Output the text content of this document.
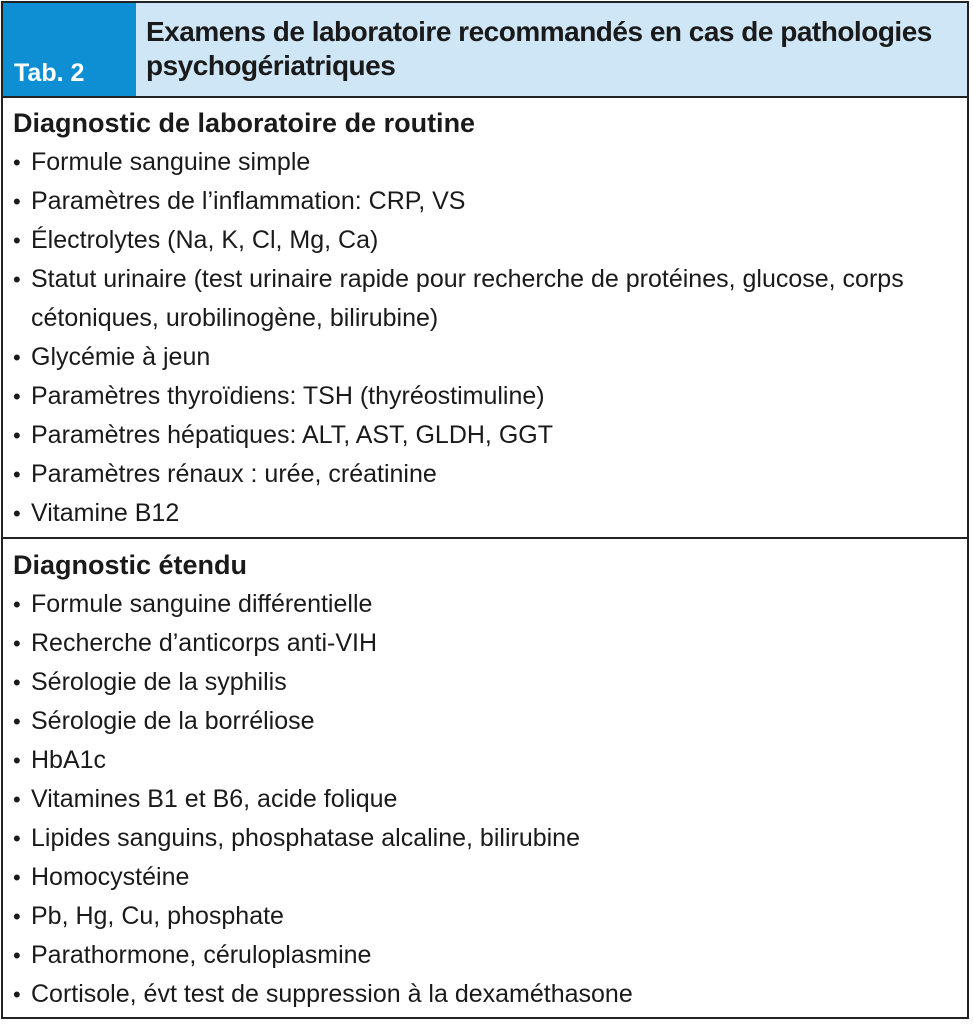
Tab. 2
Examens de laboratoire recommandés en cas de pathologies psychogériatriques
Diagnostic de laboratoire de routine
• Formule sanguine simple
• Paramètres de l’inflammation: CRP, VS
• Électrolytes (Na, K, Cl, Mg, Ca)
• Statut urinaire (test urinaire rapide pour recherche de protéines, glucose, corps cétoniques, urobilinogène, bilirubine)
• Glycémie à jeun
• Paramètres thyroïdiens: TSH (thyréostimuline)
• Paramètres hépatiques: ALT, AST, GLDH, GGT
• Paramètres rénaux : urée, créatinine
• Vitamine B12
Diagnostic étendu
• Formule sanguine différentielle
• Recherche d’anticorps anti-VIH
• Sérologie de la syphilis
• Sérologie de la borréliose
• HbA1c
• Vitamines B1 et B6, acide folique
• Lipides sanguins, phosphatase alcaline, bilirubine
• Homocystéine
• Pb, Hg, Cu, phosphate
• Parathormone, céruloplasmine
• Cortisole, évt test de suppression à la dexaméthasone
